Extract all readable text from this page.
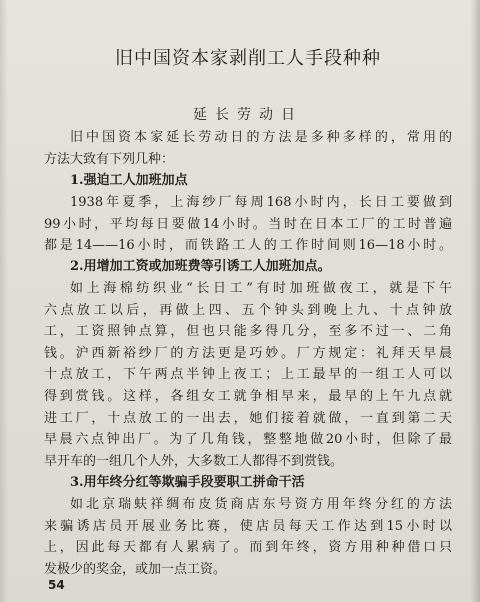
旧中国资本家剥削工人手段种种
延长劳动日
旧中国资本家延长劳动日的方法是多种多样的，常用的
方法大致有下列几种：
1.强迫工人加班加点
1938年夏季，上海纱厂每周168小时内，长日工要做到
99小时，平均每日要做14小时。当时在日本工厂的工时普遍
都是14——16小时，而铁路工人的工作时间则16—18小时。
2.用增加工资或加班费等引诱工人加班加点。
如上海棉纺织业“长日工”有时加班做夜工，就是下午
六点放工以后，再做上四、五个钟头到晚上九、十点钟放
工，工资照钟点算，但也只能多得几分，至多不过一、二角
钱。沪西新裕纱厂的方法更是巧妙。厂方规定：礼拜天早晨
十点放工，下午两点半钟上夜工；上工最早的一组工人可以
得到赏钱。这样，各组女工就争相早来，最早的上午九点就
进工厂，十点放工的一出去，她们接着就做，一直到第二天
早晨六点钟出厂。为了几角钱，整整地做20小时，但除了最
早开车的一组几个人外，大多数工人都得不到赏钱。
3.用年终分红等欺骗手段要职工拼命干活
如北京瑞蚨祥绸布皮货商店东号资方用年终分红的方法
来骗诱店员开展业务比赛，使店员每天工作达到15小时以
上，因此每天都有人累病了。而到年终，资方用种种借口只
发极少的奖金，或加一点工资。
54
